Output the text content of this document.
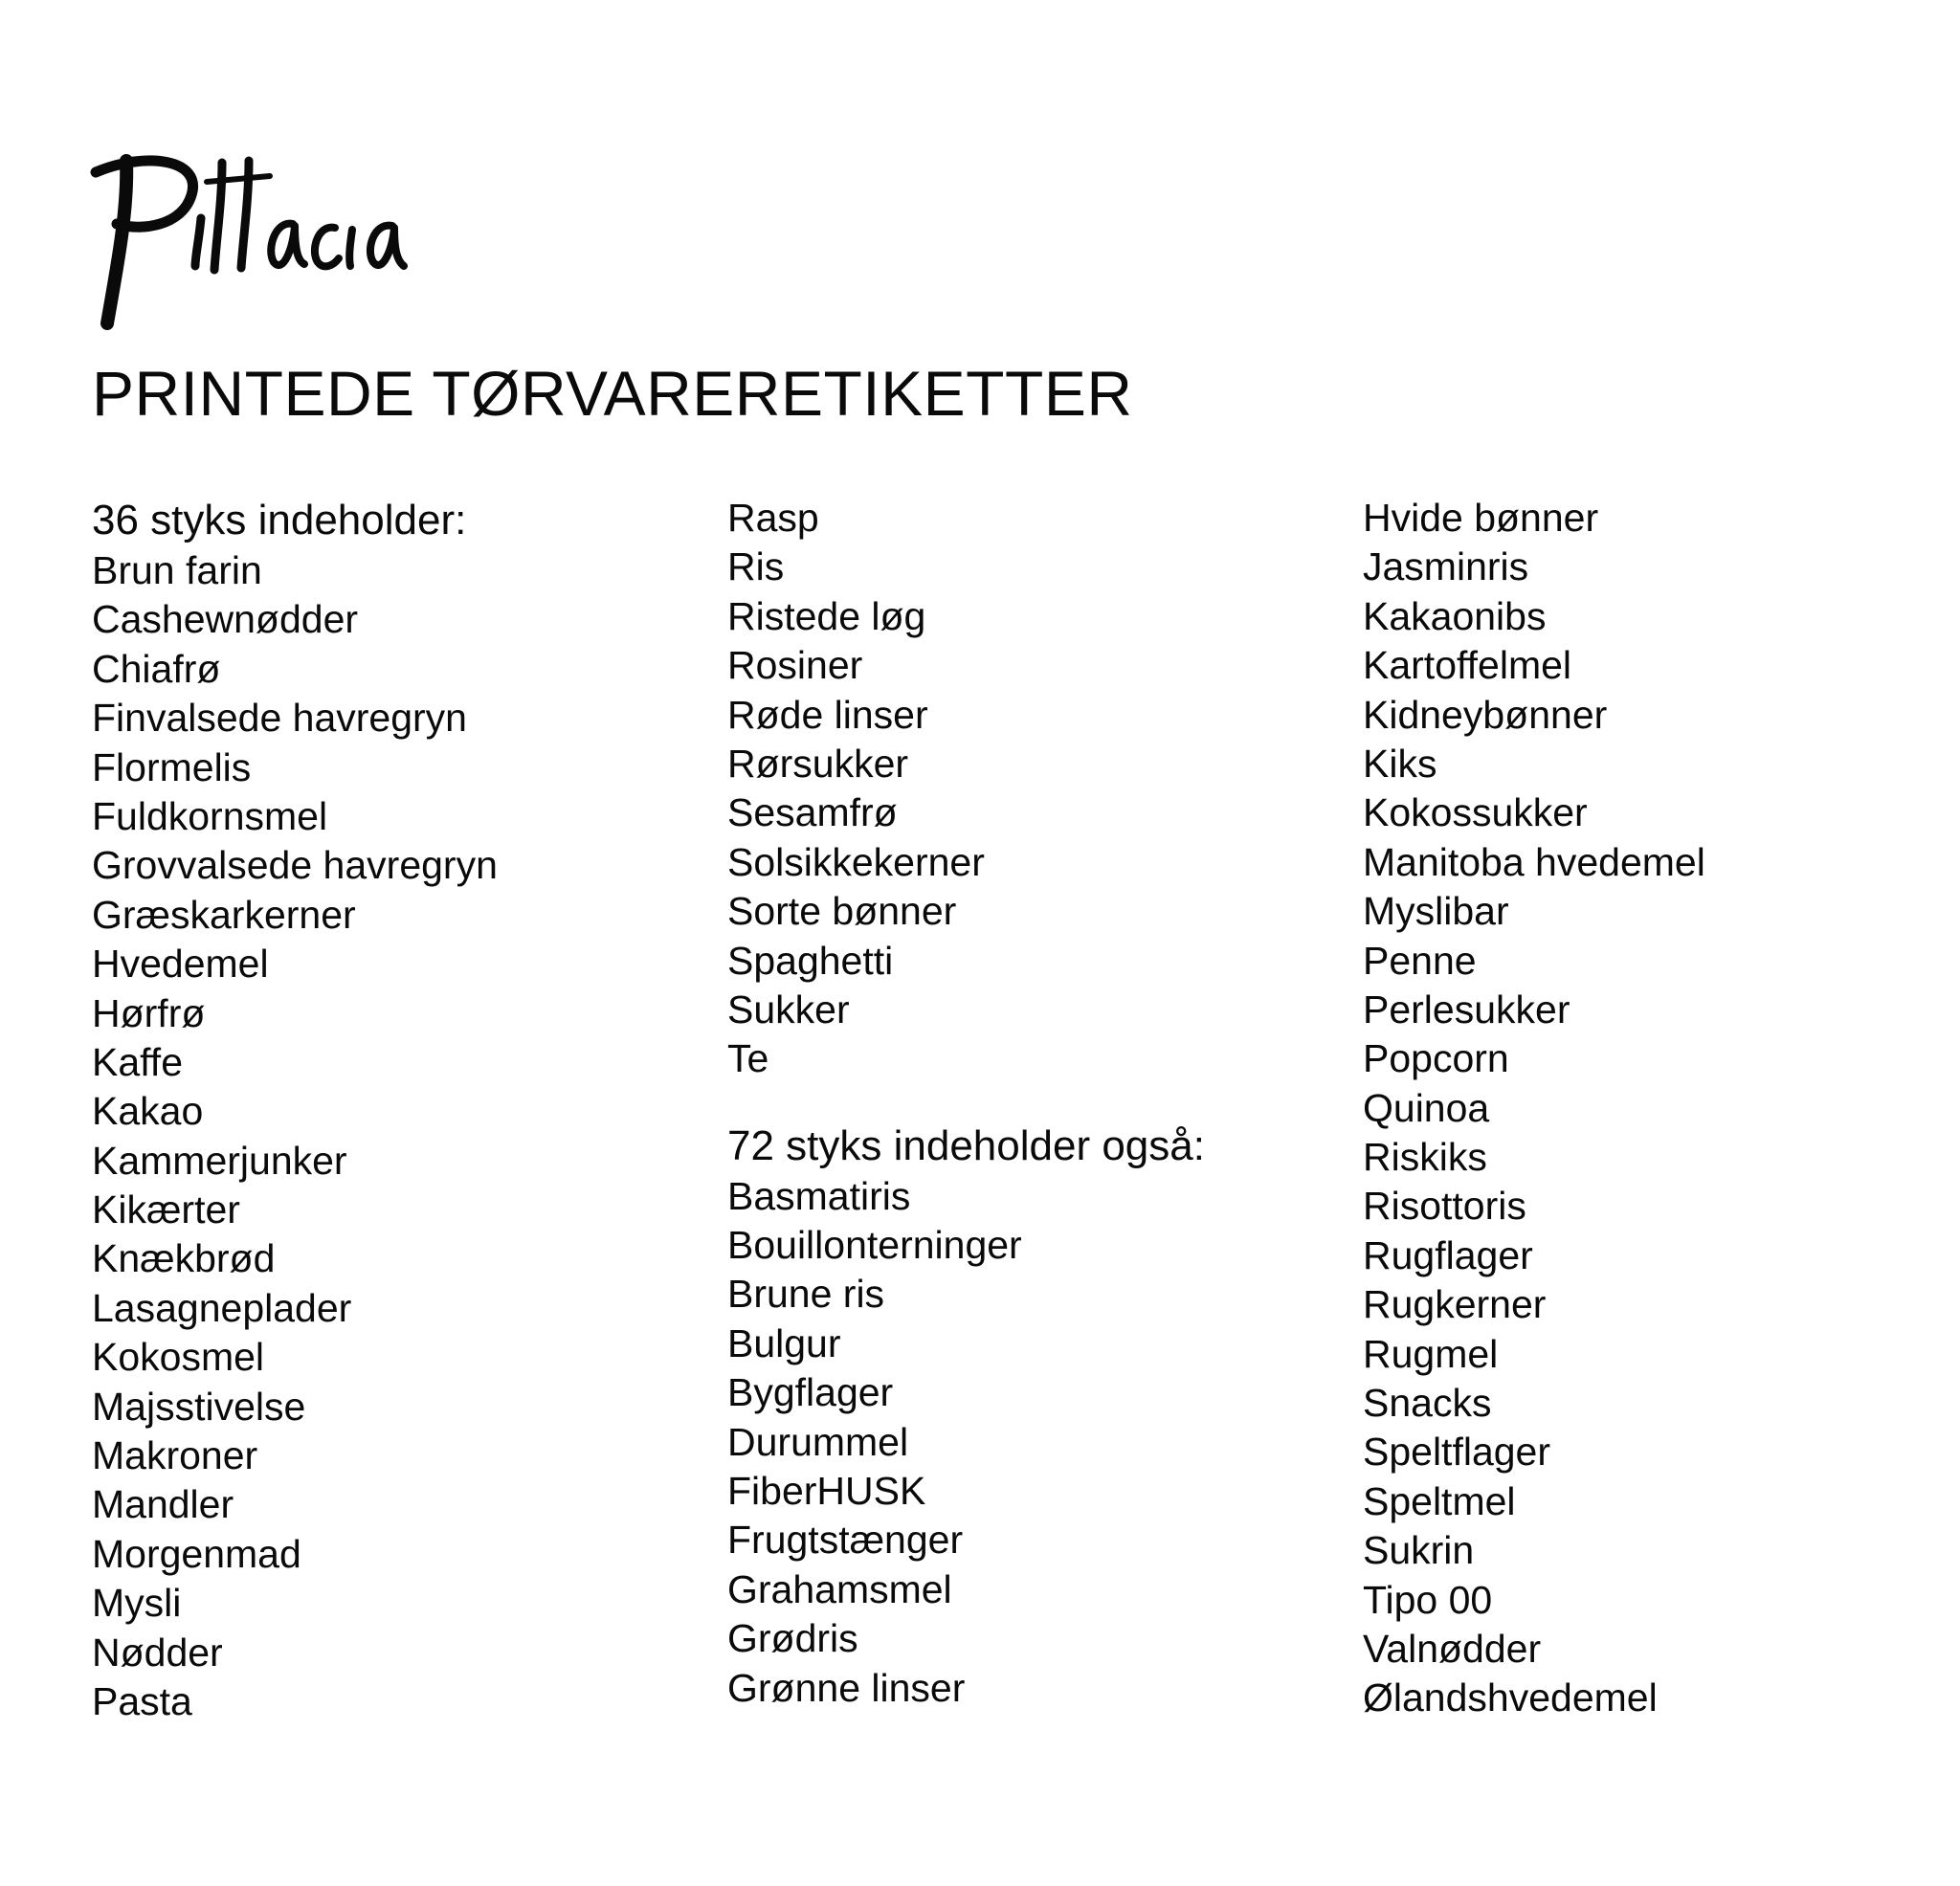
Pittacia
PRINTEDE TØRVARERETIKETTER
36 styks indeholder:
Brun farin
Cashewnødder
Chiafrø
Finvalsede havregryn
Flormelis
Fuldkornsmel
Grovvalsede havregryn
Græskarkerner
Hvedemel
Hørfrø
Kaffe
Kakao
Kammerjunker
Kikærter
Knækbrød
Lasagneplader
Kokosmel
Majsstivelse
Makroner
Mandler
Morgenmad
Mysli
Nødder
Pasta
Rasp
Ris
Ristede løg
Rosiner
Røde linser
Rørsukker
Sesamfrø
Solsikkekerner
Sorte bønner
Spaghetti
Sukker
Te
72 styks indeholder også:
Basmatiris
Bouillonterninger
Brune ris
Bulgur
Bygflager
Durummel
FiberHUSK
Frugtstænger
Grahamsmel
Grødris
Grønne linser
Hvide bønner
Jasminris
Kakaonibs
Kartoffelmel
Kidneybønner
Kiks
Kokossukker
Manitoba hvedemel
Myslibar
Penne
Perlesukker
Popcorn
Quinoa
Riskiks
Risottoris
Rugflager
Rugkerner
Rugmel
Snacks
Speltflager
Speltmel
Sukrin
Tipo 00
Valnødder
Ølandshvedemel
